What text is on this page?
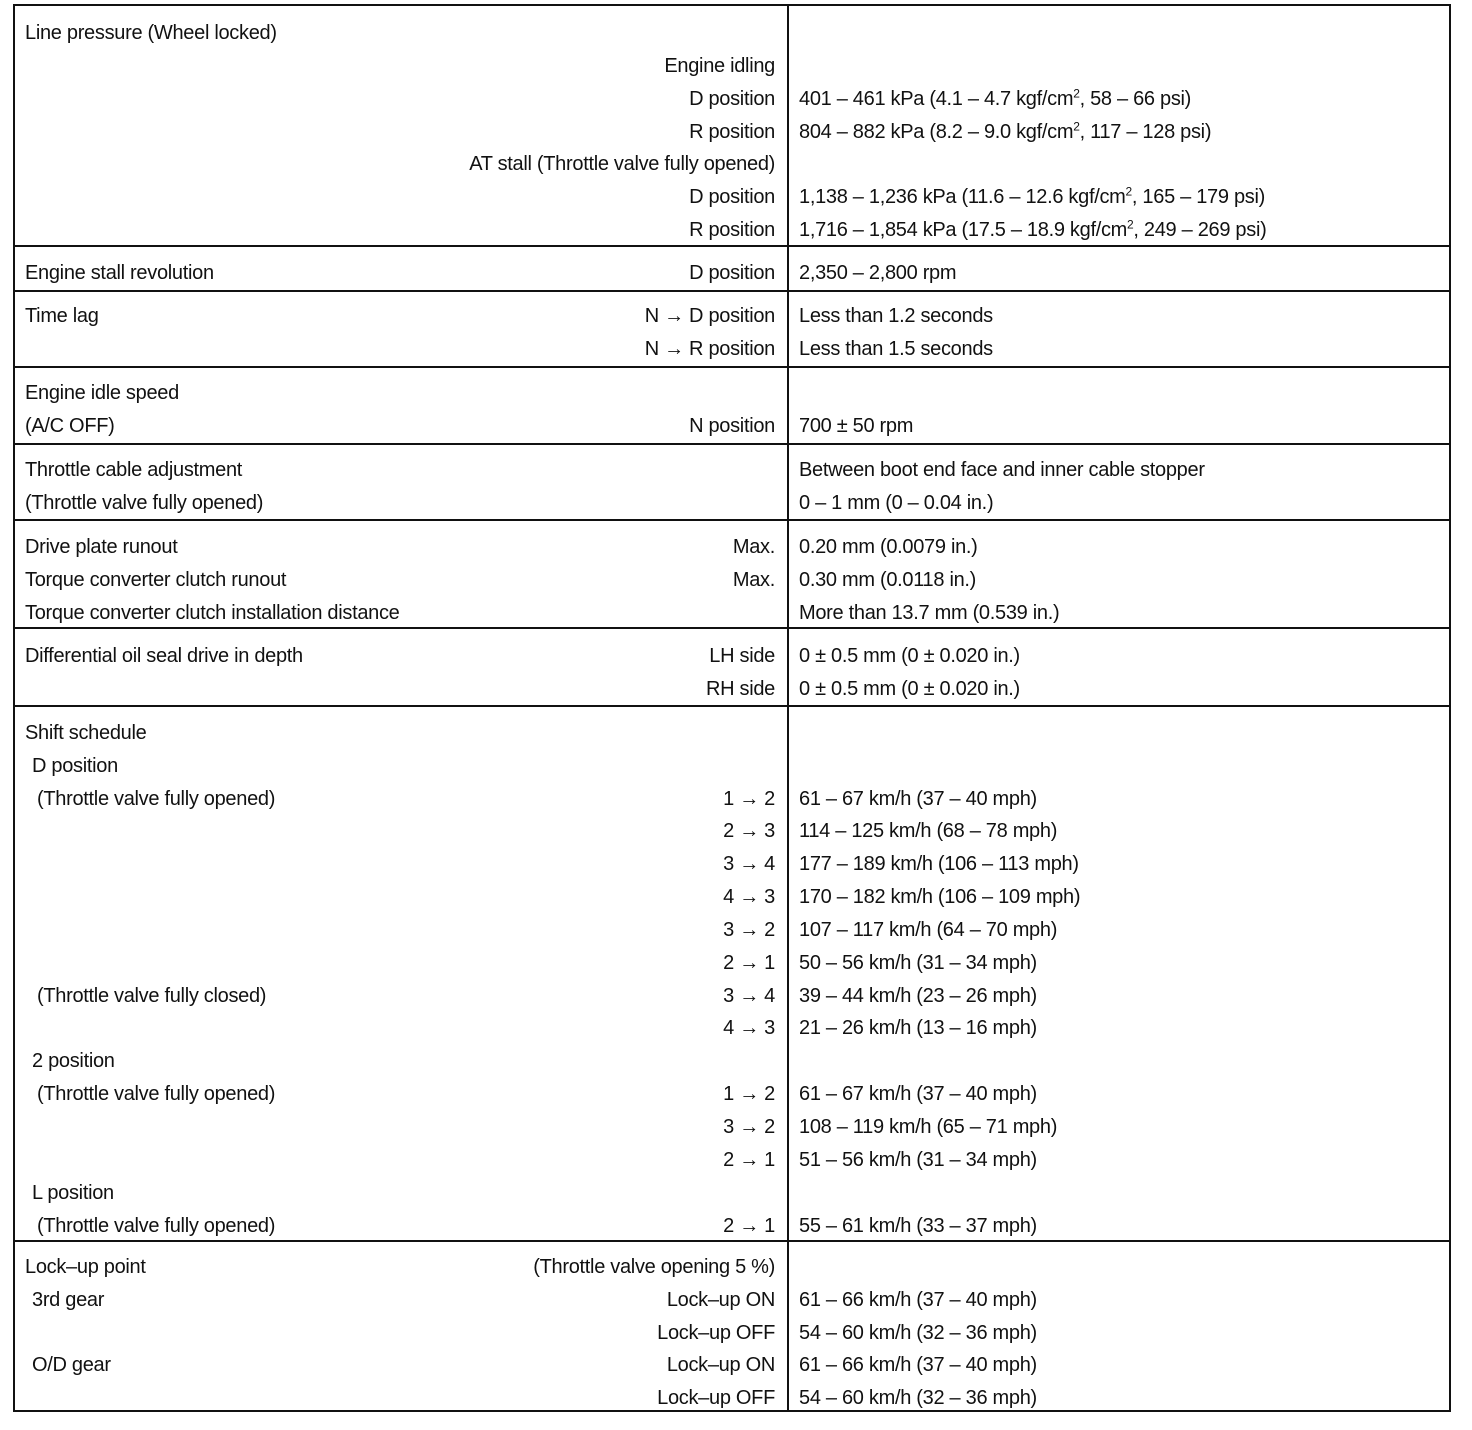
Line pressure (Wheel locked)
Engine idling
D position 401 – 461 kPa (4.1 – 4.7 kgf/$cm^2$, 58 – 66 psi)
R position 804 – 882 kPa (8.2 – 9.0 kgf/$cm^2$, 117 – 128 psi)
AT stall (Throttle valve fully opened)
D position 1,138 – 1,236 kPa (11.6 – 12.6 kgf/$cm^2$, 165 – 179 psi)
R position 1,716 – 1,854 kPa (17.5 – 18.9 kgf/$cm^2$, 249 – 269 psi)
Engine stall revolution	D position 2,350 – 2,800 rpm
Time lag	N → D position Less than 1.2 seconds
N → R position Less than 1.5 seconds
Engine idle speed
(A/C OFF)	N position 700 ± 50 rpm
Throttle cable adjustment	Between boot end face and inner cable stopper
(Throttle valve fully opened)	0 – 1 mm (0 – 0.04 in.)
Drive plate runout	Max. 0.20 mm (0.0079 in.)
Torque converter clutch runout	Max. 0.30 mm (0.0118 in.)
Torque converter clutch installation distance	More than 13.7 mm (0.539 in.)
Differential oil seal drive in depth	LH side 0 ± 0.5 mm (0 ± 0.020 in.)
RH side 0 ± 0.5 mm (0 ± 0.020 in.)
Shift schedule
D position
(Throttle valve fully opened)	1 → 2 61 – 67 km/h (37 – 40 mph)
2 → 3 114 – 125 km/h (68 – 78 mph)
3 → 4 177 – 189 km/h (106 – 113 mph)
4 → 3 170 – 182 km/h (106 – 109 mph)
3 → 2 107 – 117 km/h (64 – 70 mph)
2 → 1 50 – 56 km/h (31 – 34 mph)
(Throttle valve fully closed)	3 → 4 39 – 44 km/h (23 – 26 mph)
4 → 3 21 – 26 km/h (13 – 16 mph)
2 position
(Throttle valve fully opened)	1 → 2 61 – 67 km/h (37 – 40 mph)
3 → 2 108 – 119 km/h (65 – 71 mph)
2 → 1 51 – 56 km/h (31 – 34 mph)
L position
(Throttle valve fully opened)	2 → 1 55 – 61 km/h (33 – 37 mph)
Lock–up point	(Throttle valve opening 5 %)
3rd gear	Lock–up ON 61 – 66 km/h (37 – 40 mph)
Lock–up OFF 54 – 60 km/h (32 – 36 mph)
O/D gear	Lock–up ON 61 – 66 km/h (37 – 40 mph)
Lock–up OFF 54 – 60 km/h (32 – 36 mph)
